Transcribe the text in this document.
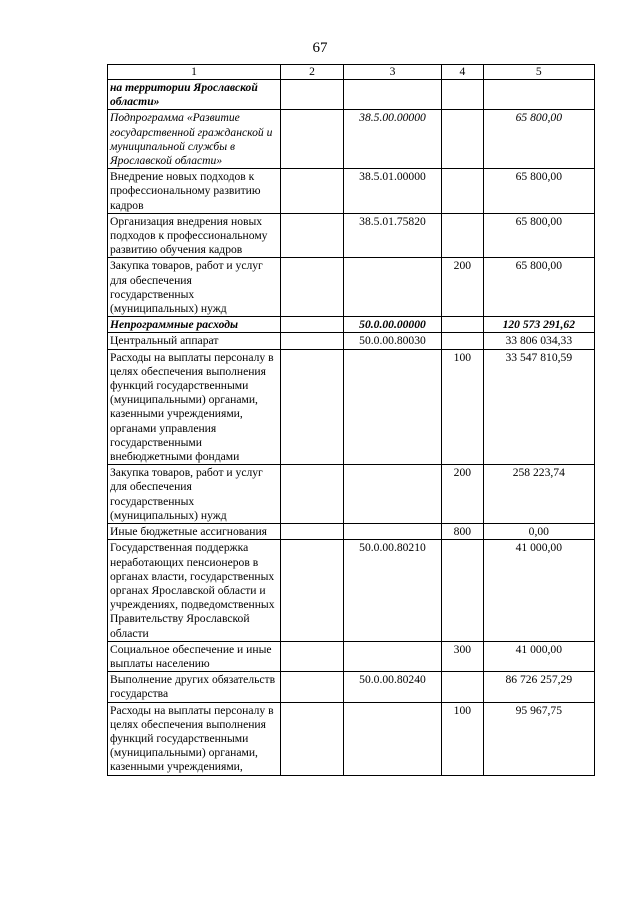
67
1	2	3	4	5
на территории Ярославской области»				
Подпрограмма «Развитие государственной гражданской и муниципальной службы в Ярославской области»		38.5.00.00000		65 800,00
Внедрение новых подходов к профессиональному развитию кадров		38.5.01.00000		65 800,00
Организация внедрения новых подходов к профессиональному развитию обучения кадров		38.5.01.75820		65 800,00
Закупка товаров, работ и услуг для обеспечения государственных (муниципальных) нужд			200	65 800,00
Непрограммные расходы		50.0.00.00000		120 573 291,62
Центральный аппарат		50.0.00.80030		33 806 034,33
Расходы на выплаты персоналу в целях обеспечения выполнения функций государственными (муниципальными) органами, казенными учреждениями, органами управления государственными внебюджетными фондами			100	33 547 810,59
Закупка товаров, работ и услуг для обеспечения государственных (муниципальных) нужд			200	258 223,74
Иные бюджетные ассигнования			800	0,00
Государственная поддержка неработающих пенсионеров в органах власти, государственных органах Ярославской области и учреждениях, подведомственных Правительству Ярославской области		50.0.00.80210		41 000,00
Социальное обеспечение и иные выплаты населению			300	41 000,00
Выполнение других обязательств государства		50.0.00.80240		86 726 257,29
Расходы на выплаты персоналу в целях обеспечения выполнения функций государственными (муниципальными) органами, казенными учреждениями,			100	95 967,75
